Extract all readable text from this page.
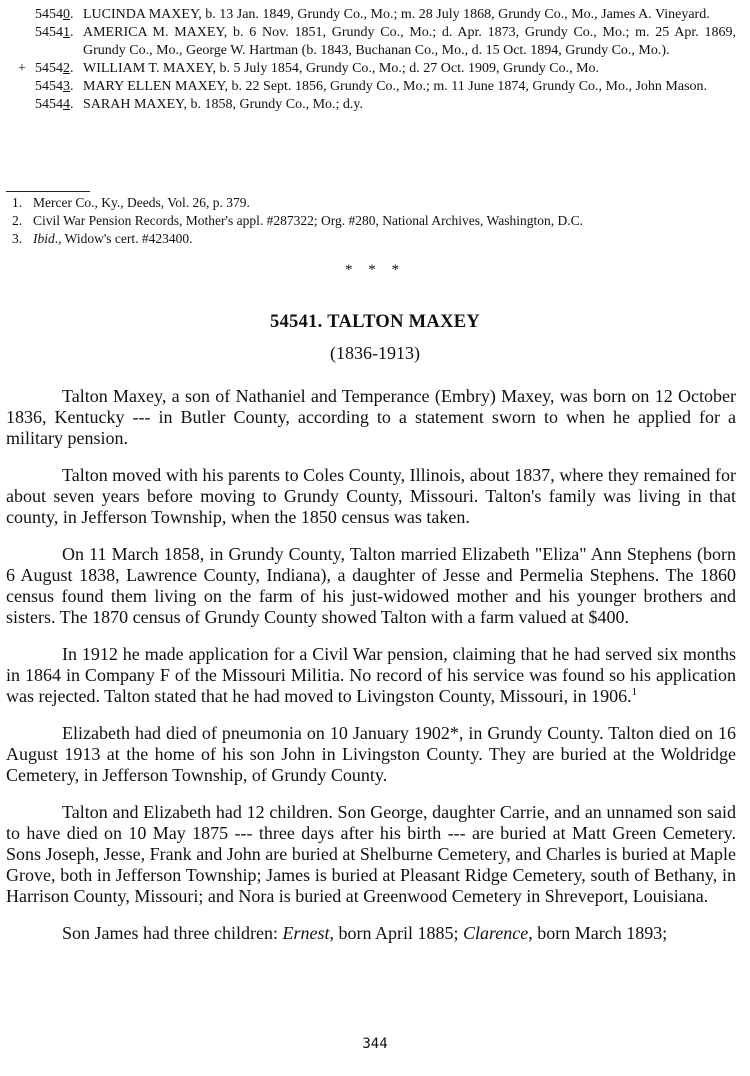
54540. LUCINDA MAXEY, b. 13 Jan. 1849, Grundy Co., Mo.; m. 28 July 1868, Grundy Co., Mo., James A. Vineyard.
54541. AMERICA M. MAXEY, b. 6 Nov. 1851, Grundy Co., Mo.; d. Apr. 1873, Grundy Co., Mo.; m. 25 Apr. 1869, Grundy Co., Mo., George W. Hartman (b. 1843, Buchanan Co., Mo., d. 15 Oct. 1894, Grundy Co., Mo.).
+ 54542. WILLIAM T. MAXEY, b. 5 July 1854, Grundy Co., Mo.; d. 27 Oct. 1909, Grundy Co., Mo.
54543. MARY ELLEN MAXEY, b. 22 Sept. 1856, Grundy Co., Mo.; m. 11 June 1874, Grundy Co., Mo., John Mason.
54544. SARAH MAXEY, b. 1858, Grundy Co., Mo.; d.y.
1. Mercer Co., Ky., Deeds, Vol. 26, p. 379.
2. Civil War Pension Records, Mother's appl. #287322; Org. #280, National Archives, Washington, D.C.
3. Ibid., Widow's cert. #423400.
* * *
54541. TALTON MAXEY
(1836-1913)

Talton Maxey, a son of Nathaniel and Temperance (Embry) Maxey, was born on 12 October 1836, Kentucky --- in Butler County, according to a statement sworn to when he applied for a military pension.

Talton moved with his parents to Coles County, Illinois, about 1837, where they remained for about seven years before moving to Grundy County, Missouri. Talton's family was living in that county, in Jefferson Township, when the 1850 census was taken.

On 11 March 1858, in Grundy County, Talton married Elizabeth "Eliza" Ann Stephens (born 6 August 1838, Lawrence County, Indiana), a daughter of Jesse and Permelia Stephens. The 1860 census found them living on the farm of his just-widowed mother and his younger brothers and sisters. The 1870 census of Grundy County showed Talton with a farm valued at $400.

In 1912 he made application for a Civil War pension, claiming that he had served six months in 1864 in Company F of the Missouri Militia. No record of his service was found so his application was rejected. Talton stated that he had moved to Livingston County, Missouri, in 1906.$^1$

Elizabeth had died of pneumonia on 10 January 1902*, in Grundy County. Talton died on 16 August 1913 at the home of his son John in Livingston County. They are buried at the Woldridge Cemetery, in Jefferson Township, of Grundy County.

Talton and Elizabeth had 12 children. Son George, daughter Carrie, and an unnamed son said to have died on 10 May 1875 --- three days after his birth --- are buried at Matt Green Cemetery. Sons Joseph, Jesse, Frank and John are buried at Shelburne Cemetery, and Charles is buried at Maple Grove, both in Jefferson Township; James is buried at Pleasant Ridge Cemetery, south of Bethany, in Harrison County, Missouri; and Nora is buried at Greenwood Cemetery in Shreveport, Louisiana.

Son James had three children: Ernest, born April 1885; Clarence, born March 1893;

344
